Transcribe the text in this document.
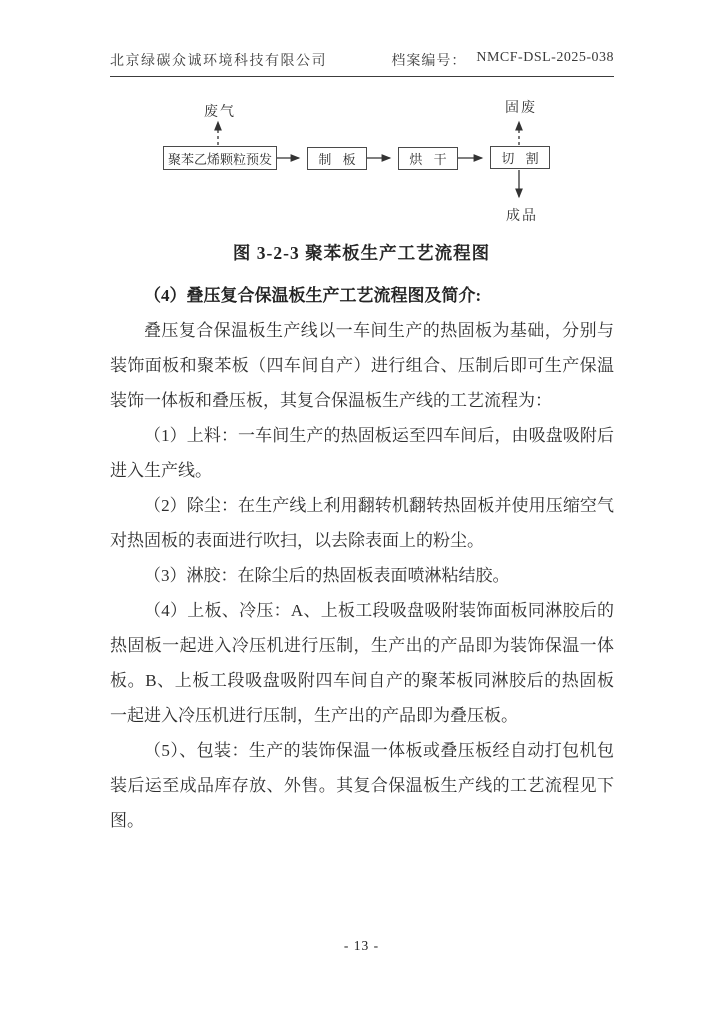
北京绿碳众诚环境科技有限公司	档案编号： NMCF-DSL-2025-038
废气	固废
成品
聚苯乙烯颗粒预发	制 板	烘 干	切 割
图 3-2-3 聚苯板生产工艺流程图

（4）叠压复合保温板生产工艺流程图及简介:

叠压复合保温板生产线以一车间生产的热固板为基础，分别与装饰面板和聚苯板（四车间自产）进行组合、压制后即可生产保温装饰一体板和叠压板，其复合保温板生产线的工艺流程为：

（1）上料：一车间生产的热固板运至四车间后，由吸盘吸附后进入生产线。

（2）除尘：在生产线上利用翻转机翻转热固板并使用压缩空气对热固板的表面进行吹扫，以去除表面上的粉尘。

（3）淋胶：在除尘后的热固板表面喷淋粘结胶。

（4）上板、冷压：A、上板工段吸盘吸附装饰面板同淋胶后的热固板一起进入冷压机进行压制，生产出的产品即为装饰保温一体板。B、上板工段吸盘吸附四车间自产的聚苯板同淋胶后的热固板一起进入冷压机进行压制，生产出的产品即为叠压板。

（5）、包装：生产的装饰保温一体板或叠压板经自动打包机包装后运至成品库存放、外售。其复合保温板生产线的工艺流程见下图。

- 13 -
